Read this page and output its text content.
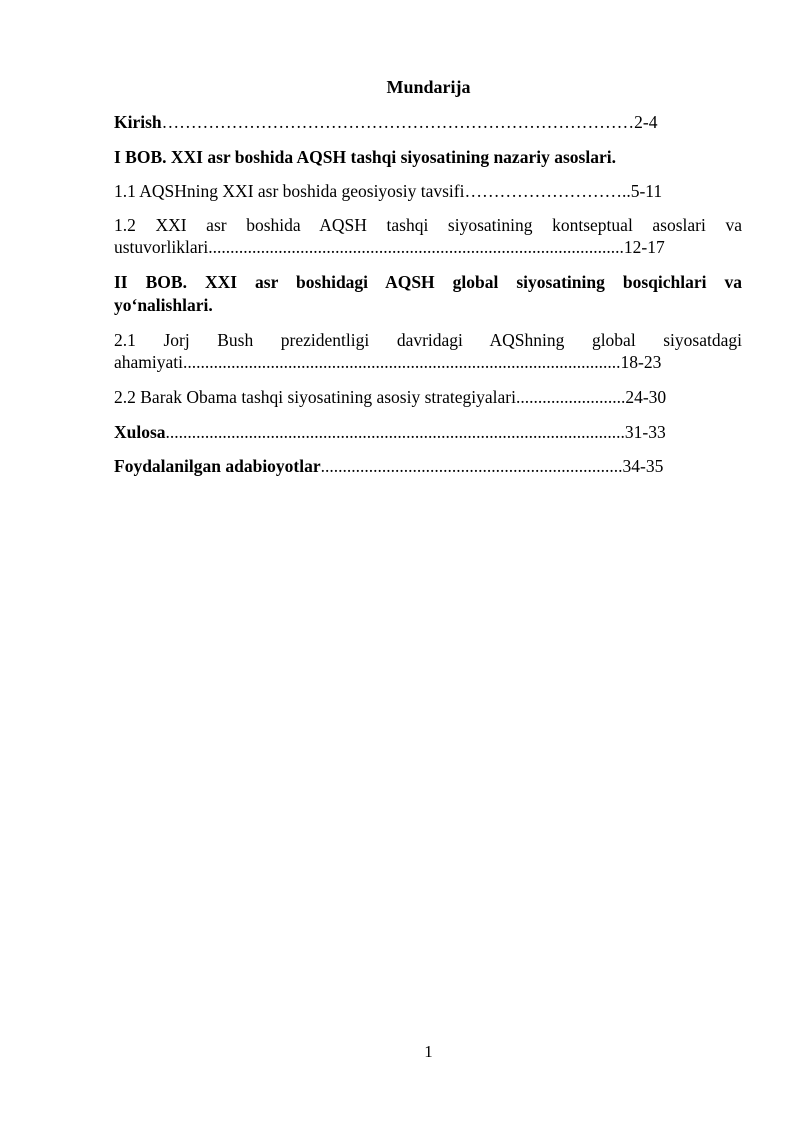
Mundarija
Kirish………………………………………………………………………2-4
I BOB. XXI asr boshida AQSH tashqi siyosatining nazariy asoslari.
1.1 AQSHning XXI asr boshida geosiyosiy tavsifi………………………..5-11
1.2 XXI asr boshida AQSH tashqi siyosatining kontseptual asoslari va
ustuvorliklari...............................................................................................12-17
II BOB. XXI asr boshidagi AQSH global siyosatining bosqichlari va
yo‘nalishlari.
2.1 Jorj Bush prezidentligi davridagi AQShning global siyosatdagi
ahamiyati....................................................................................................18-23
2.2 Barak Obama tashqi siyosatining asosiy strategiyalari.........................24-30
Xulosa.........................................................................................................31-33
Foydalanilgan adabioyotlar.....................................................................34-35
1
